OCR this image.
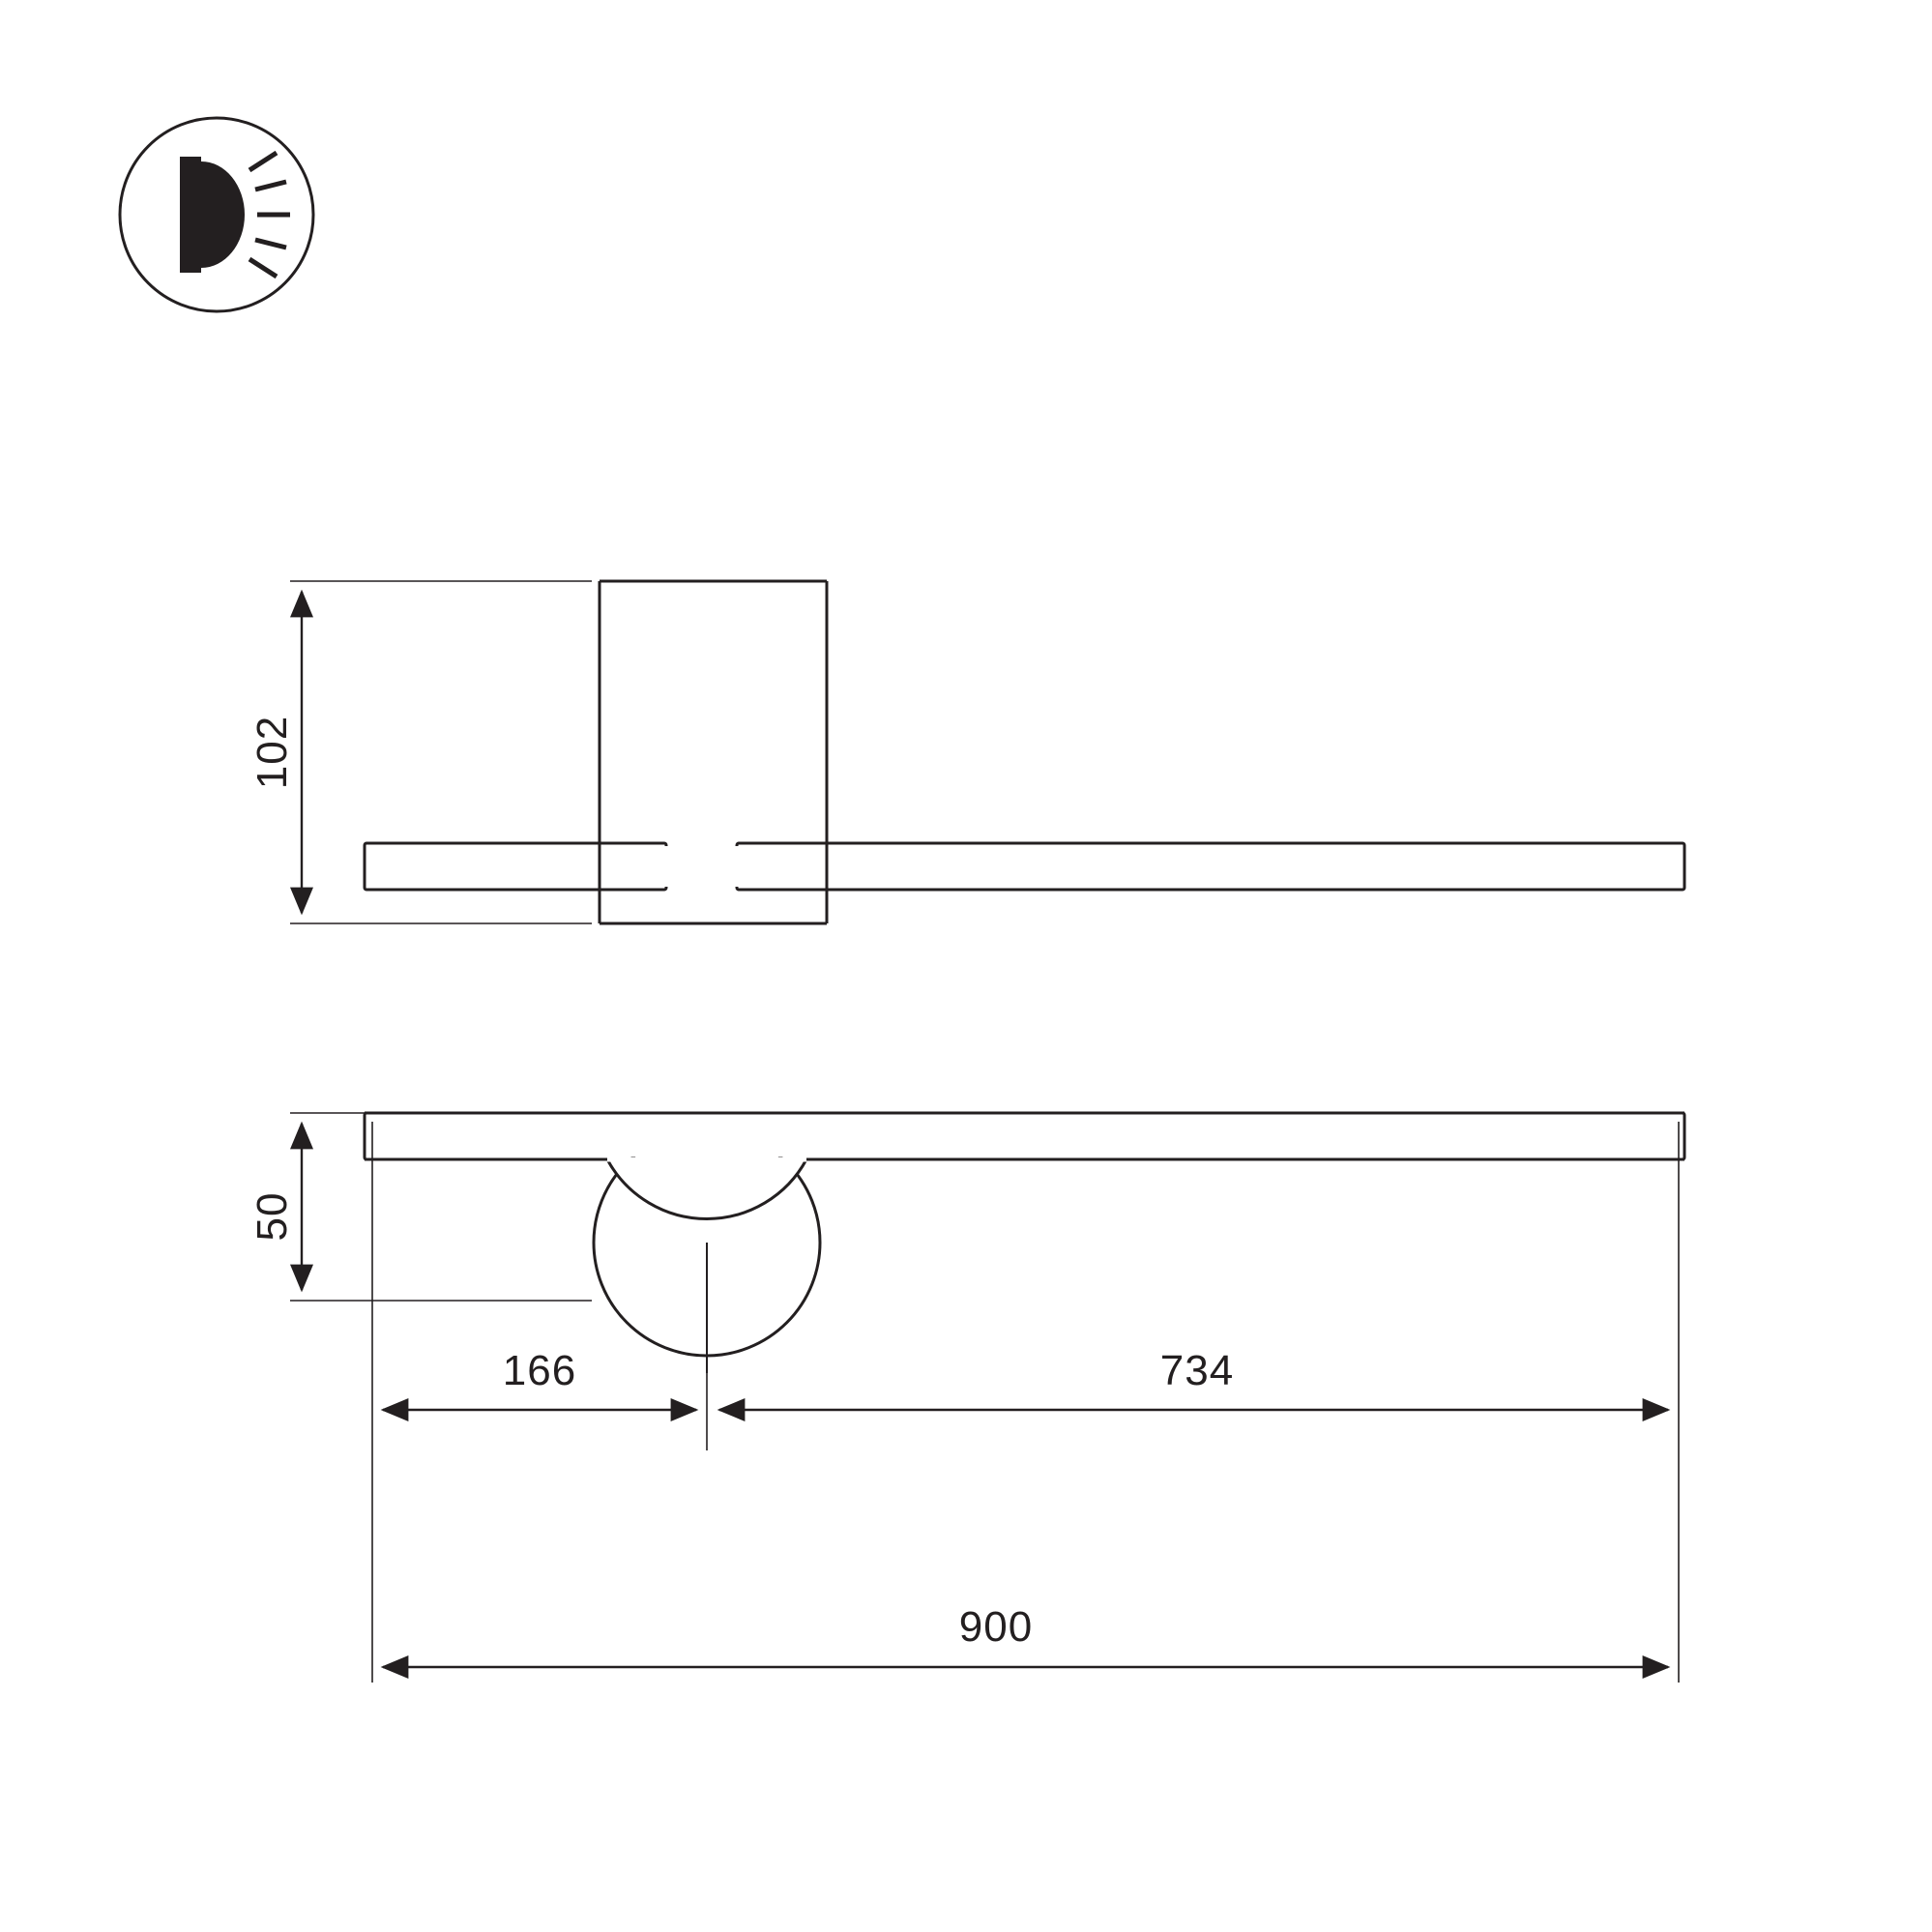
102
50
166	734
900
